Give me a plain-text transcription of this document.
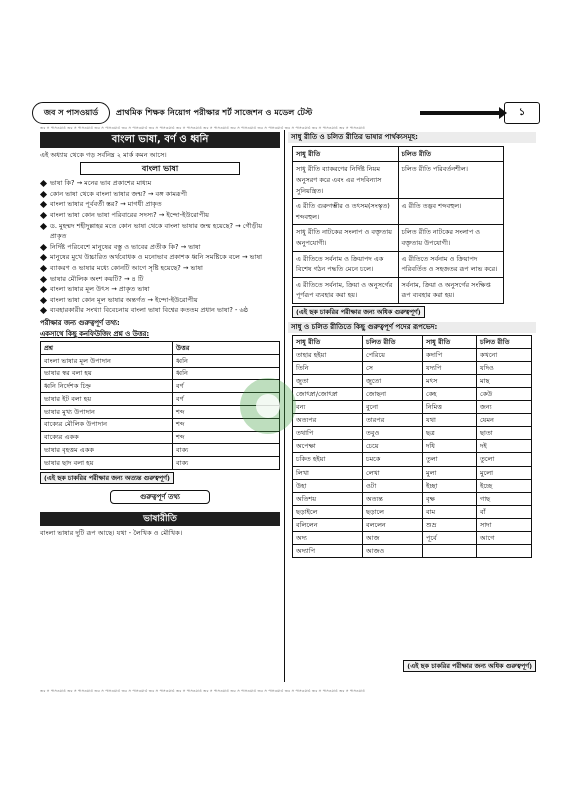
জব স পাসওয়ার্ড	প্রাথমিক শিক্ষক নিয়োগ পরীক্ষার শর্ট সাজেশন ও মডেল টেস্ট	১
জব স পাসওয়ার্ড জব স পাসওয়ার্ড জব স পাসওয়ার্ড জব স পাসওয়ার্ড জব স পাসওয়ার্ড জব স পাসওয়ার্ড জব স পাসওয়ার্ড জব স পাসওয়ার্ড জব স পাসওয়ার্ড জব স পাসওয়ার্ড জব স পাসওয়ার্ড জব স পাসওয়ার্ড
বাংলা ভাষা, বর্ণ ও ধ্বনি
এই অধ্যায় থেকে গড় সর্বনিম্ন ২ মার্ক কমন আসে।
বাংলা ভাষা
ভাষা কি? → মনের ভাব প্রকাশের মাধ্যম
কোন ভাষা থেকে বাংলা ভাষার জন্ম? → বঙ্গ কামরূপী
বাংলা ভাষার পূর্ববর্তী স্তর? → মাগধী প্রাকৃত
বাংলা ভাষা কোন ভাষা পরিবারের সদস্য? → ইন্দো-ইউরোপীয়
ড. মুহম্মদ শহীদুল্লাহর মতে কোন ভাষা থেকে বাংলা ভাষার জন্ম হয়েছে? → গৌড়ীয় প্রাকৃত
নির্দিষ্ট পরিবেশে মানুষের বস্তু ও ভাবের প্রতীক কি? → ভাষা
মানুষের মুখে উচ্চারিত অর্থবোধক ও মনোভাব প্রকাশক ধ্বনি সমষ্টিকে বলে → ভাষা
ব্যাকরণ ও ভাষার মধ্যে কোনটি আগে সৃষ্টি হয়েছে? → ভাষা
ভাষার মৌলিক অংশ কয়টি? → ৪ টি
বাংলা ভাষার মূল উৎস → প্রাকৃত ভাষা
বাংলা ভাষা কোন মূল ভাষার অন্তর্গত → ইন্দো-ইউরোপীয়
ব্যবহারকারীর সংখ্যা বিবেচনায় বাংলা ভাষা বিশ্বের কততম প্রধান ভাষা? - ৬ষ্ঠ
পরীক্ষার জন্য গুরুত্বপূর্ণ তথ্য:
একসাথে কিছু কনফিউজিং প্রশ্ন ও উত্তর:
প্রশ্ন	উত্তর
বাংলা ভাষার মূল উপাদান	ধ্বনি
ভাষার স্বর বলা হয়	ধ্বনি
ধ্বনি নির্দেশক চিহ্ন	বর্ণ
ভাষার ইট বলা হয়	বর্ণ
ভাষার মুখ্য উপাদান	শব্দ
বাক্যের মৌলিক উপাদান	শব্দ
বাক্যের একক	শব্দ
ভাষার বৃহত্তম একক	বাক্য
ভাষার ছাদ বলা হয়	বাক্য
(এই ছক চাকরির পরীক্ষার জন্য অত্যন্ত গুরুত্বপূর্ণ)
গুরুত্বপূর্ণ তথ্য
ভাষারীতি
বাংলা ভাষার দুটি রূপ আছে। যথা - লৈখিক ও মৌখিক।
সাধু রীতি ও চলিত রীতির ভাষার পার্থক্যসমূহ:
সাধু রীতি	চলিত রীতি
সাধু রীতি ব্যাকরণের নির্দিষ্ট নিয়ম অনুসরণ করে এবং এর পদবিন্যাস সুনিয়ন্ত্রিত।	চলিত রীতি পরিবর্তনশীল।
এ রীতি গুরুগম্ভীর ও তৎসম(সংস্কৃত) শব্দবহুল।	এ রীতি তদ্ভব শব্দবহুল।
সাধু রীতি নাটকের সংলাপ ও বক্তৃতায় অনুপযোগী।	চলিত রীতি নাটকের সংলাপ ও বক্তৃতায় উপযোগী।
এ রীতিতে সর্বনাম ও ক্রিয়াপদ এক বিশেষ গঠন পদ্ধতি মেনে চলে।	এ রীতিতে সর্বনাম ও ক্রিয়াপদ পরিবর্তিত ও সহজতর রূপ লাভ করে।
এ রীতিতে সর্বনাম, ক্রিয়া ও অনুসর্গের পূর্ণরূপ ব্যবহার করা হয়।	সর্বনাম, ক্রিয়া ও অনুসর্গের সংক্ষিপ্ত রূপ ব্যবহার করা হয়।
(এই ছক চাকরির পরীক্ষার জন্য অধিক গুরুত্বপূর্ণ)
সাধু ও চলিত রীতিতে কিছু গুরুত্বপূর্ণ পদের রূপভেদ:
সাধু রীতি	চলিত রীতি	সাধু রীতি	চলিত রীতি
তাহার হইয়া	পেরিয়ে	কদাপি	কখনো
তিনি	সে	যদ্যপি	যদিও
জুতা	জুতো	মৎস	মাছ
জোৎস্না/জোৎস্না	জোছনা	কেহ	কেউ
বন্য	বুনো	নিমিত্ত	জন্য
অত্যপর	তারপর	যথা	যেমন
তথাপি	তবুও	ছত্র	ছাতা
অপেক্ষা	চেয়ে	দধি	দই
চকিত হইয়া	চমকে	তুলা	তুলো
লিখা	লেখা	মুলা	মুলো
উহা	ওটা	ইচ্ছা	ইচ্ছে
অতিশয়	অত্যন্ত	বৃক্ষ	গাছ
ছড়াইলে	ছড়ালে	বাম	বাঁ
বলিলেন	বললেন	শুভ্র	সাদা
অদ্য	আজ	পূর্বে	আগে
অদ্যাপি	আজও		
(এই ছক চাকরির পরীক্ষার জন্য অধিক গুরুত্বপূর্ণ)
জব স পাসওয়ার্ড জব স পাসওয়ার্ড জব স পাসওয়ার্ড জব স পাসওয়ার্ড জব স পাসওয়ার্ড জব স পাসওয়ার্ড জব স পাসওয়ার্ড জব স পাসওয়ার্ড জব স পাসওয়ার্ড জব স পাসওয়ার্ড জব স পাসওয়ার্ড জব স পাসওয়ার্ড
